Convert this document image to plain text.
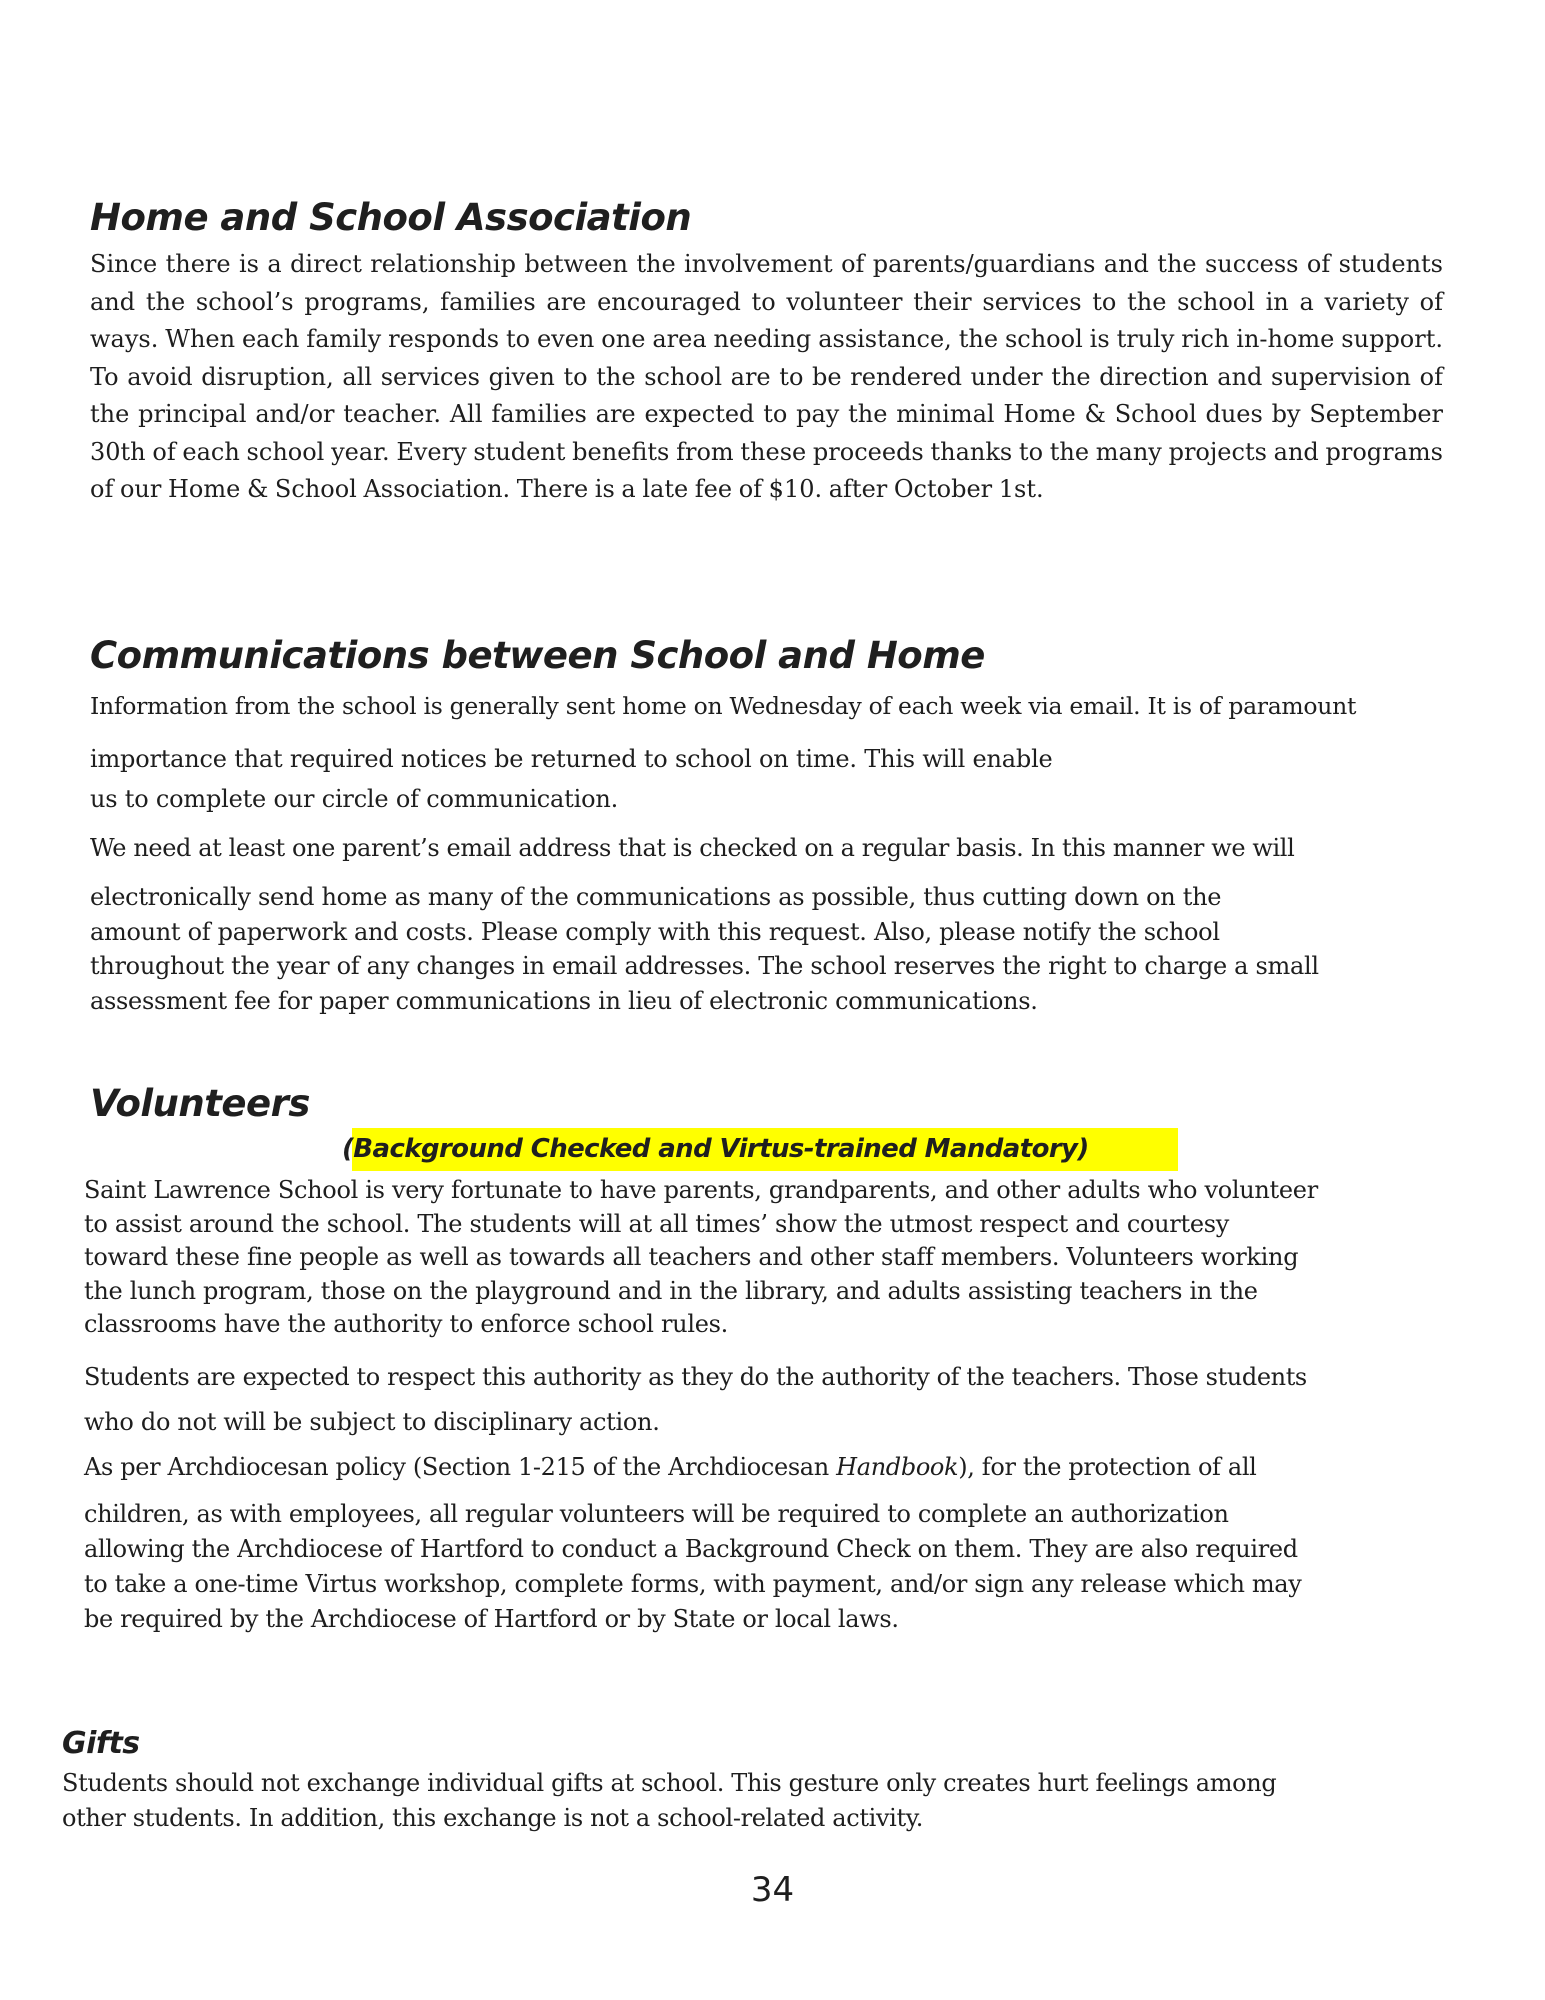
Home and School Association

Since there is a direct relationship between the involvement of parents/guardians and the success of students and the school’s programs, families are encouraged to volunteer their services to the school in a variety of ways. When each family responds to even one area needing assistance, the school is truly rich in-home support. To avoid disruption, all services given to the school are to be rendered under the direction and supervision of the principal and/or teacher. All families are expected to pay the minimal Home & School dues by September 30th of each school year. Every student benefits from these proceeds thanks to the many projects and programs of our Home & School Association. There is a late fee of $10. after October 1st.

Communications between School and Home

Information from the school is generally sent home on Wednesday of each week via email. It is of paramount

importance that required notices be returned to school on time. This will enable

us to complete our circle of communication.

We need at least one parent’s email address that is checked on a regular basis. In this manner we will

electronically send home as many of the communications as possible, thus cutting down on the
amount of paperwork and costs. Please comply with this request. Also, please notify the school
throughout the year of any changes in email addresses. The school reserves the right to charge a small
assessment fee for paper communications in lieu of electronic communications.
Volunteers

(Background Checked and Virtus-trained Mandatory)

Saint Lawrence School is very fortunate to have parents, grandparents, and other adults who volunteer
to assist around the school. The students will at all times’ show the utmost respect and courtesy
toward these fine people as well as towards all teachers and other staff members. Volunteers working
the lunch program, those on the playground and in the library, and adults assisting teachers in the
classrooms have the authority to enforce school rules.

Students are expected to respect this authority as they do the authority of the teachers. Those students

who do not will be subject to disciplinary action.

As per Archdiocesan policy (Section 1-215 of the Archdiocesan Handbook), for the protection of all

children, as with employees, all regular volunteers will be required to complete an authorization
allowing the Archdiocese of Hartford to conduct a Background Check on them. They are also required
to take a one-time Virtus workshop, complete forms, with payment, and/or sign any release which may
be required by the Archdiocese of Hartford or by State or local laws.
Gifts
Students should not exchange individual gifts at school. This gesture only creates hurt feelings among
other students. In addition, this exchange is not a school-related activity.
34
